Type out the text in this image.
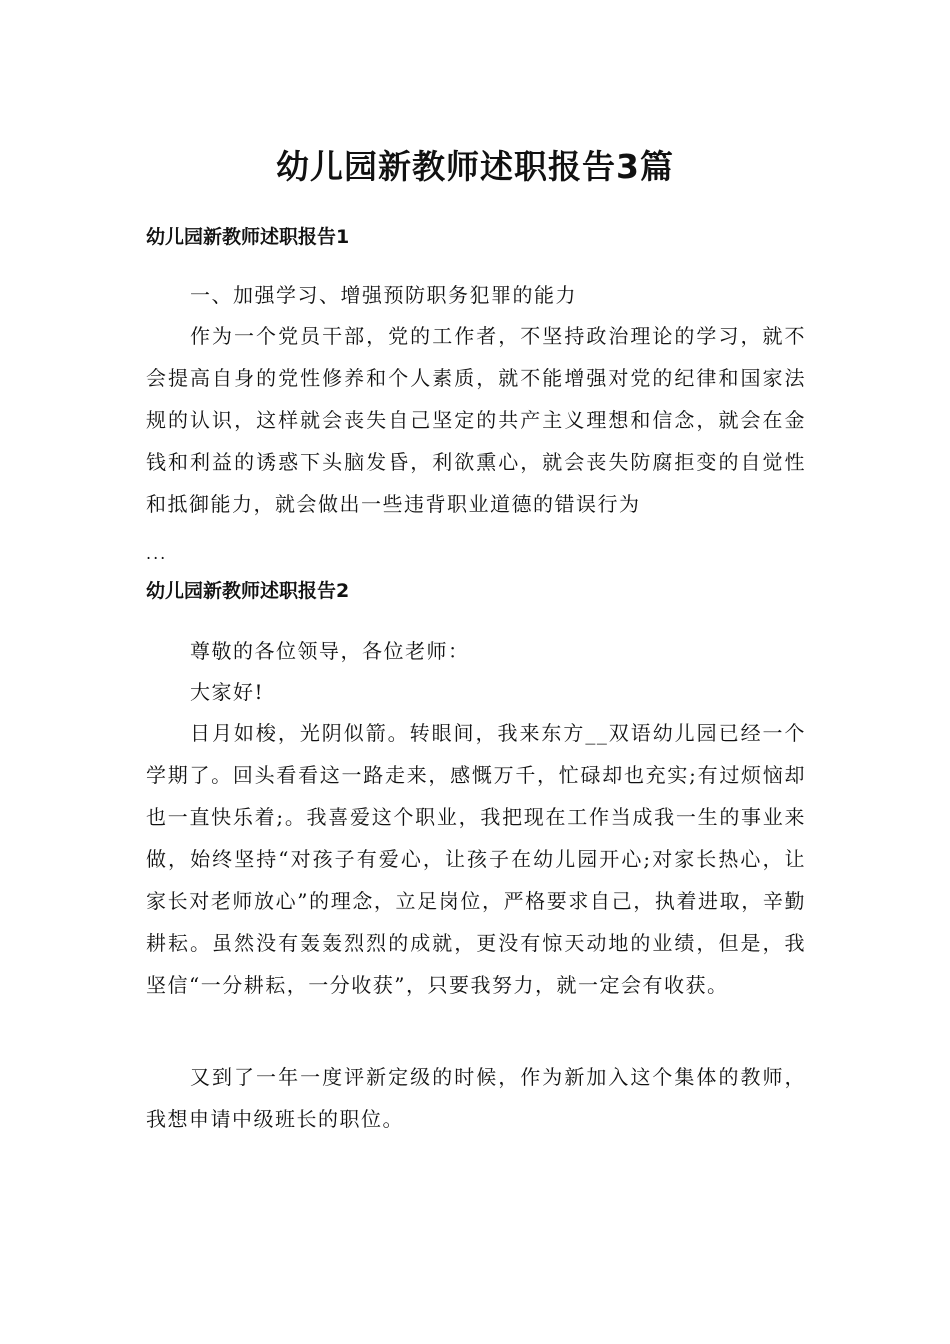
幼儿园新教师述职报告3篇
幼儿园新教师述职报告1

一、加强学习、增强预防职务犯罪的能力

作为一个党员干部，党的工作者，不坚持政治理论的学习，就不会提高自身的党性修养和个人素质，就不能增强对党的纪律和国家法规的认识，这样就会丧失自己坚定的共产主义理想和信念，就会在金钱和利益的诱惑下头脑发昏，利欲熏心，就会丧失防腐拒变的自觉性和抵御能力，就会做出一些违背职业道德的错误行为

...
幼儿园新教师述职报告2

尊敬的各位领导，各位老师：

大家好!

日月如梭，光阴似箭。转眼间，我来东方__双语幼儿园已经一个学期了。回头看看这一路走来，感慨万千，忙碌却也充实;有过烦恼却也一直快乐着;。我喜爱这个职业，我把现在工作当成我一生的事业来做，始终坚持“对孩子有爱心，让孩子在幼儿园开心;对家长热心，让家长对老师放心”的理念，立足岗位，严格要求自己，执着进取，辛勤耕耘。虽然没有轰轰烈烈的成就，更没有惊天动地的业绩，但是，我坚信“一分耕耘，一分收获”，只要我努力，就一定会有收获。

又到了一年一度评新定级的时候，作为新加入这个集体的教师，我想申请中级班长的职位。
